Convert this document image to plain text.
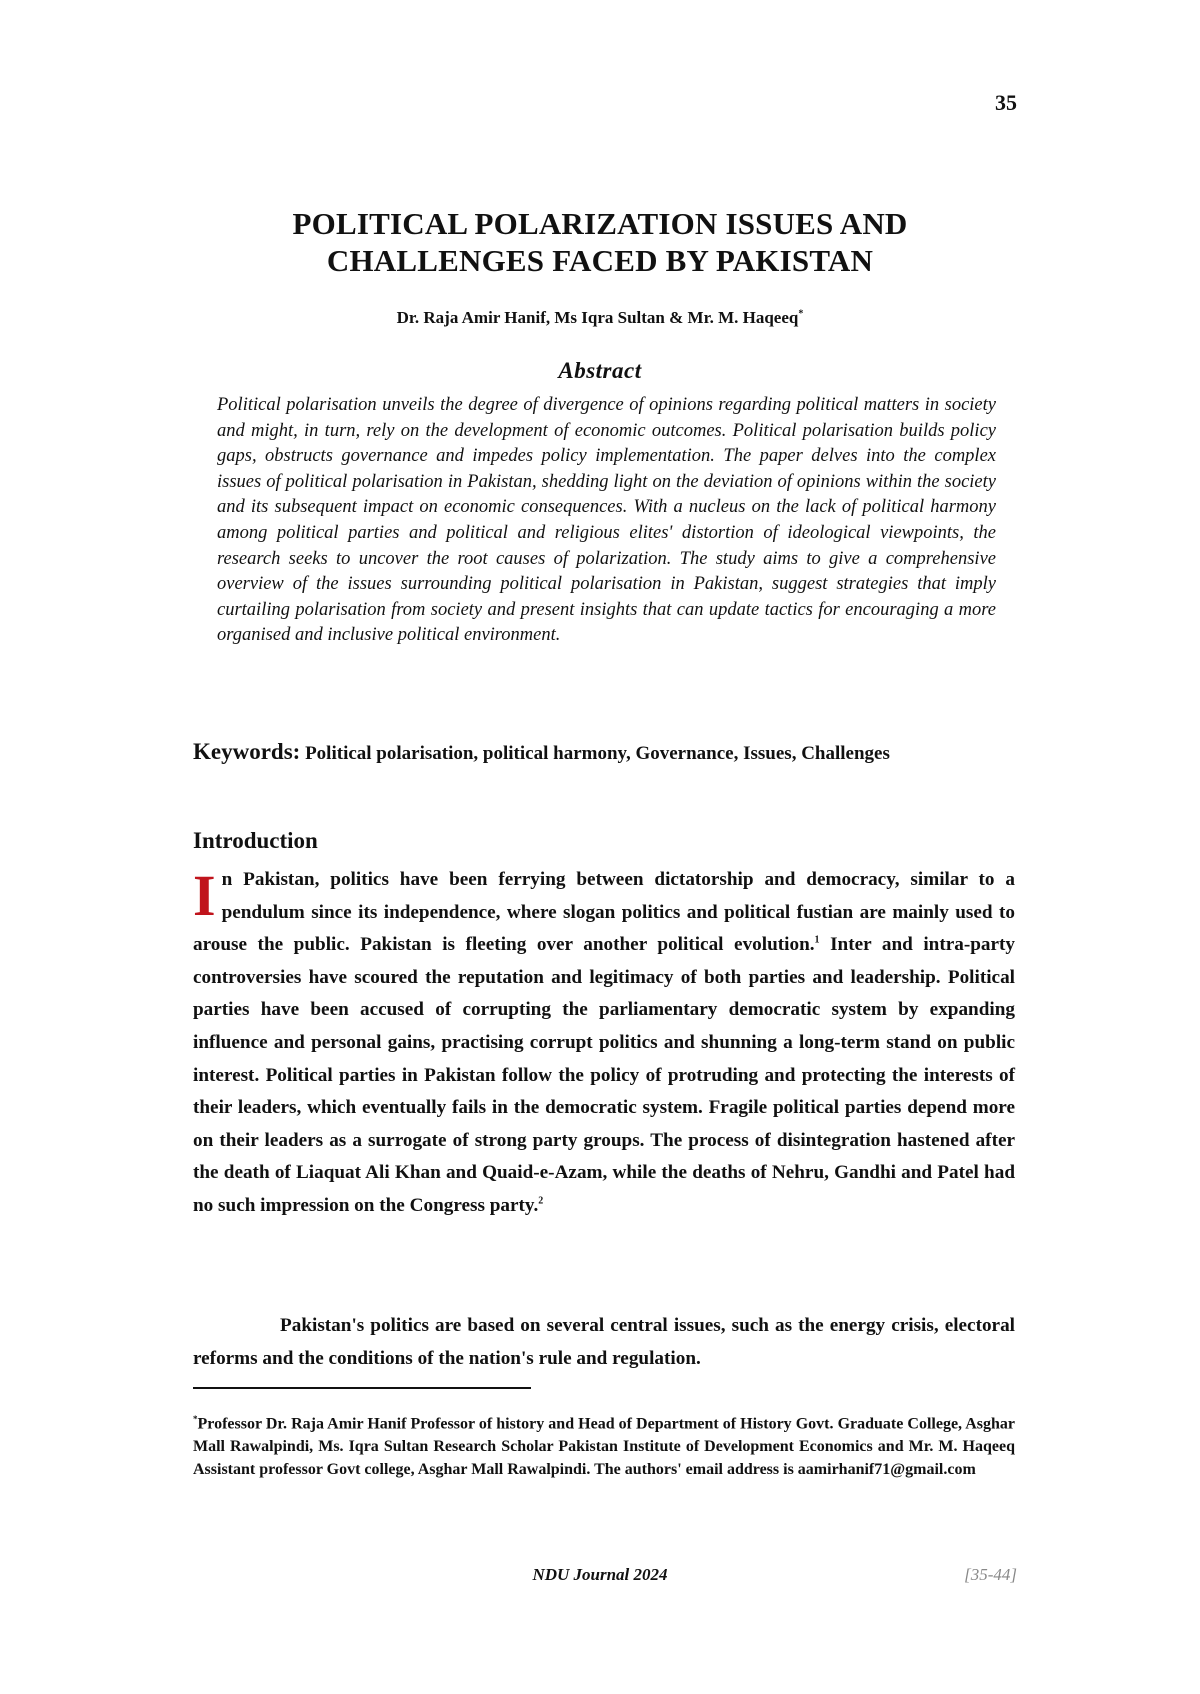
35
POLITICAL POLARIZATION ISSUES AND
CHALLENGES FACED BY PAKISTAN
Dr. Raja Amir Hanif, Ms Iqra Sultan & Mr. M. Haqeeq*
Abstract
Political polarisation unveils the degree of divergence of opinions regarding political matters in society and might, in turn, rely on the development of economic outcomes. Political polarisation builds policy gaps, obstructs governance and impedes policy implementation. The paper delves into the complex issues of political polarisation in Pakistan, shedding light on the deviation of opinions within the society and its subsequent impact on economic consequences. With a nucleus on the lack of political harmony among political parties and political and religious elites' distortion of ideological viewpoints, the research seeks to uncover the root causes of polarization. The study aims to give a comprehensive overview of the issues surrounding political polarisation in Pakistan, suggest strategies that imply curtailing polarisation from society and present insights that can update tactics for encouraging a more organised and inclusive political environment.
Keywords: Political polarisation, political harmony, Governance, Issues, Challenges
Introduction
In Pakistan, politics have been ferrying between dictatorship and democracy, similar to a pendulum since its independence, where slogan politics and political fustian are mainly used to arouse the public. Pakistan is fleeting over another political evolution.$^1$ Inter and intra-party controversies have scoured the reputation and legitimacy of both parties and leadership. Political parties have been accused of corrupting the parliamentary democratic system by expanding influence and personal gains, practising corrupt politics and shunning a long-term stand on public interest. Political parties in Pakistan follow the policy of protruding and protecting the interests of their leaders, which eventually fails in the democratic system. Fragile political parties depend more on their leaders as a surrogate of strong party groups. The process of disintegration hastened after the death of Liaquat Ali Khan and Quaid-e-Azam, while the deaths of Nehru, Gandhi and Patel had no such impression on the Congress party.$^2$
Pakistan's politics are based on several central issues, such as the energy crisis, electoral reforms and the conditions of the nation's rule and regulation.
*Professor Dr. Raja Amir Hanif Professor of history and Head of Department of History Govt. Graduate College, Asghar Mall Rawalpindi, Ms. Iqra Sultan Research Scholar Pakistan Institute of Development Economics and Mr. M. Haqeeq Assistant professor Govt college, Asghar Mall Rawalpindi. The authors' email address is aamirhanif71@gmail.com
NDU Journal 2024	[35-44]
